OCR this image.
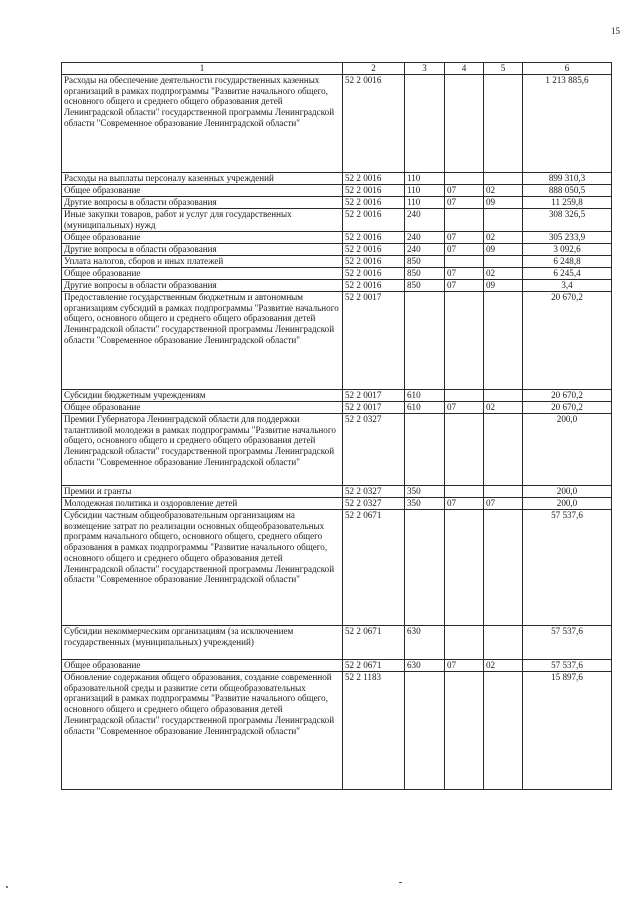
15
1	2	3	4	5	6
Расходы на обеспечение деятельности государственных казенных организаций в рамках подпрограммы "Развитие начального общего, основного общего и среднего общего образования детей Ленинградской области" государственной программы Ленинградской области "Современное образование Ленинградской области"	52 2 0016				1 213 885,6
Расходы на выплаты персоналу казенных учреждений	52 2 0016	110			899 310,3
Общее образование	52 2 0016	110	07	02	888 050,5
Другие вопросы в области образования	52 2 0016	110	07	09	11 259,8
Иные закупки товаров, работ и услуг для государственных (муниципальных) нужд	52 2 0016	240			308 326,5
Общее образование	52 2 0016	240	07	02	305 233,9
Другие вопросы в области образования	52 2 0016	240	07	09	3 092,6
Уплата налогов, сборов и иных платежей	52 2 0016	850			6 248,8
Общее образование	52 2 0016	850	07	02	6 245,4
Другие вопросы в области образования	52 2 0016	850	07	09	3,4
Предоставление государственным бюджетным и автономным организациям субсидий в рамках подпрограммы "Развитие начального общего, основного общего и среднего общего образования детей Ленинградской области" государственной программы Ленинградской области "Современное образование Ленинградской области"	52 2 0017				20 670,2
Субсидии бюджетным учреждениям	52 2 0017	610			20 670,2
Общее образование	52 2 0017	610	07	02	20 670,2
Премии Губернатора Ленинградской области для поддержки талантливой молодежи в рамках подпрограммы "Развитие начального общего, основного общего и среднего общего образования детей Ленинградской области" государственной программы Ленинградской области "Современное образование Ленинградской области"	52 2 0327				200,0
Премии и гранты	52 2 0327	350			200,0
Молодежная политика и оздоровление детей	52 2 0327	350	07	07	200,0
Субсидии частным общеобразовательным организациям на возмещение затрат по реализации основных общеобразовательных программ начального общего, основного общего, среднего общего образования в рамках подпрограммы "Развитие начального общего, основного общего и среднего общего образования детей Ленинградской области" государственной программы Ленинградской области "Современное образование Ленинградской области"	52 2 0671				57 537,6
Субсидии некоммерческим организациям (за исключением государственных (муниципальных) учреждений)	52 2 0671	630			57 537,6
Общее образование	52 2 0671	630	07	02	57 537,6
Обновление содержания общего образования, создание современной образовательной среды и развитие сети общеобразовательных организаций в рамках подпрограммы "Развитие начального общего, основного общего и среднего общего образования детей Ленинградской области" государственной программы Ленинградской области "Современное образование Ленинградской области"	52 2 1183				15 897,6
